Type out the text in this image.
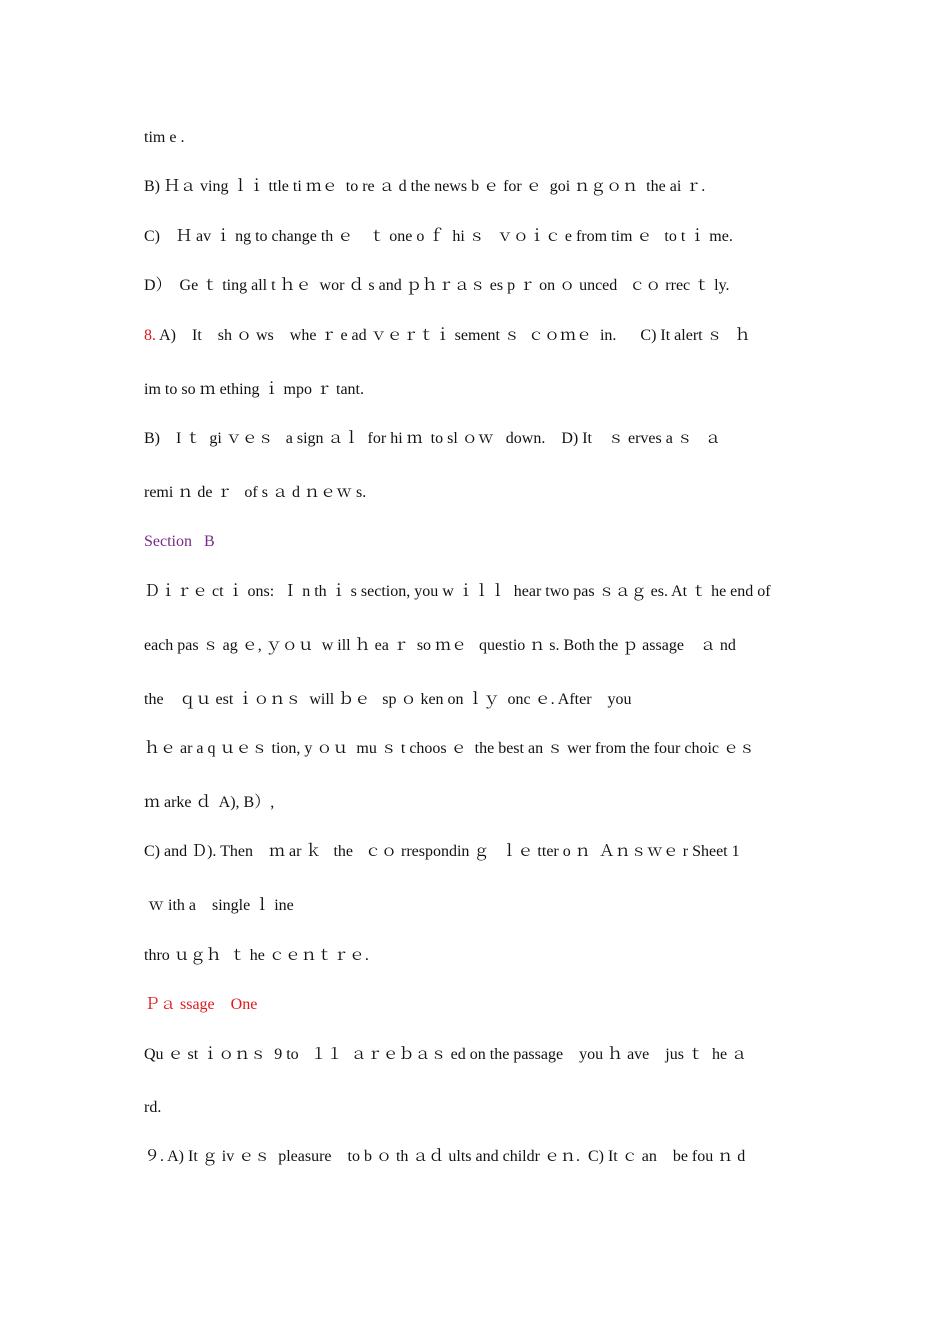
tim e .

B) Ｈａ ving ｌｉ ttle ti ｍｅ  to re ａ d the news b ｅ for ｅ  goi ｎｇｏｎ  the ai ｒ.

C)    Ｈ av ｉ ng to change th ｅ    ｔ one o ｆ  hi ｓ   ｖｏｉｃ e from tim ｅ   to t ｉ me.

D）  Ge ｔ ting all t ｈｅ  wor ｄ s and ｐｈｒａｓ es p ｒ on ｏ unced   ｃｏ rrec ｔ ly.

8. A)    It    sh ｏ ws    whe ｒ e ad ｖｅｒｔｉ sement ｓ  ｃｏｍｅ  in.      C) It alert ｓ   ｈ

im to so ｍ ething ｉ mpo ｒ tant.

B)    I ｔ  gi ｖｅｓ   a sign ａｌ  for hi ｍ  to sl ｏｗ   down.    D) It    ｓ erves a ｓ   ａ

remi ｎ de ｒ   of s ａ d ｎｅｗ s.

Section   B

Ｄｉｒｅ ct ｉ ons:  Ｉ n th ｉ s section, you w ｉｌｌ  hear two pas ｓａｇ es. At ｔ he end of

each pas ｓ ag ｅ, ｙｏｕ  w ill ｈ ea ｒ  so ｍｅ   questio ｎ s. Both the ｐ assage    ａ nd

the    ｑｕ est ｉｏｎｓ  will ｂｅ   sp ｏ ken on ｌｙ  onc ｅ. After    you

ｈｅ ar a q ｕｅｓ tion, y ｏｕ  mu ｓ t choos ｅ  the best an ｓ wer from the four choic ｅｓ

ｍ arke ｄ  A), B）,

C) and Ｄ). Then    ｍ ar ｋ   the   ｃｏ rrespondin ｇ   ｌｅ tter o ｎ  Ａｎｓｗｅ r Sheet 1

ｗ ith a    single ｌ ine

thro ｕｇｈ  ｔ he ｃｅｎｔｒｅ.

Ｐａ ssage    One

Qu ｅ st ｉｏｎｓ  9 to   １１  ａｒｅｂａｓ ed on the passage    you ｈ ave    jus ｔ  he ａ

rd.

９. A) It ｇ iv ｅｓ  pleasure    to b ｏ th ａｄ ults and childr ｅｎ.  C) It ｃ an    be fou ｎ d
